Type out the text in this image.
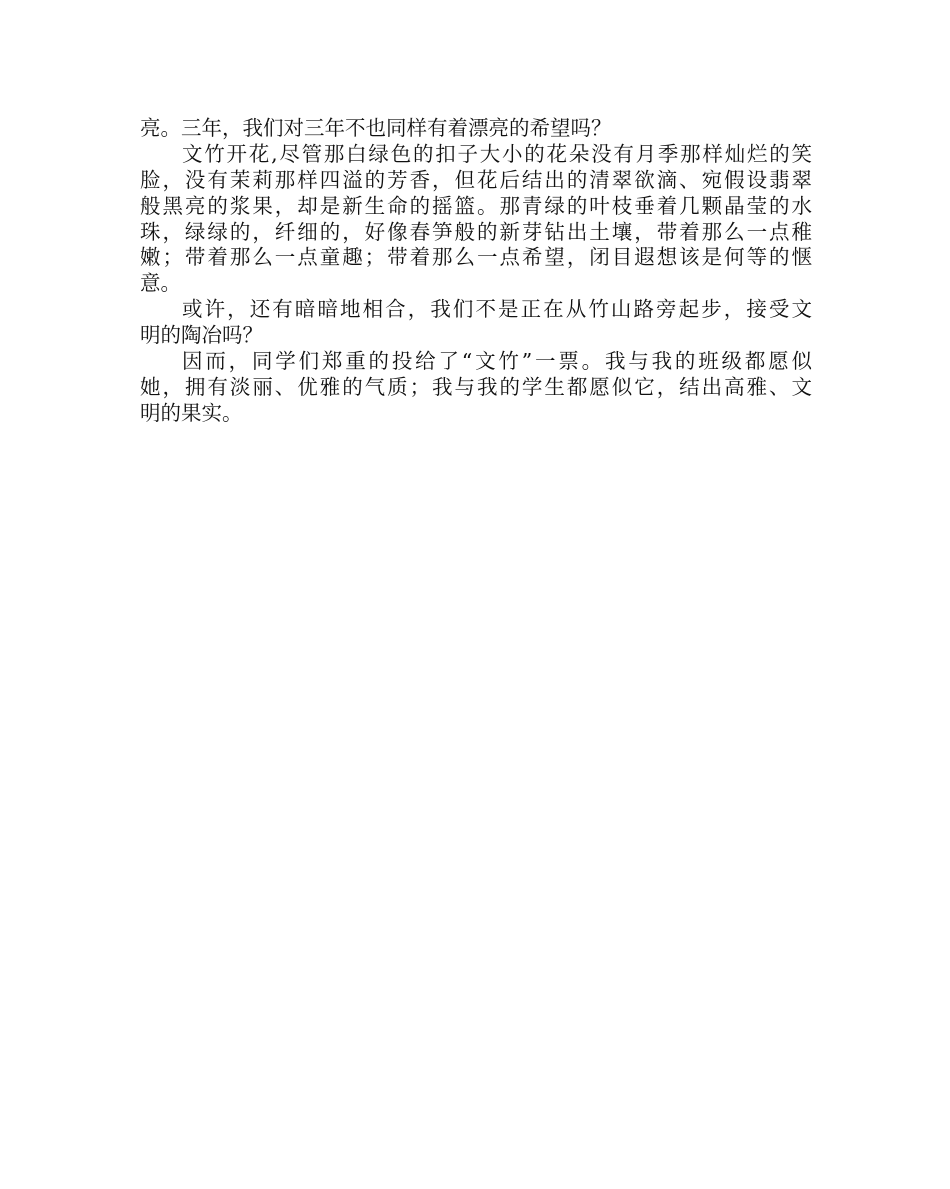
亮。三年，我们对三年不也同样有着漂亮的希望吗？
文竹开花,尽管那白绿色的扣子大小的花朵没有月季那样灿烂的笑
脸，没有茉莉那样四溢的芳香，但花后结出的清翠欲滴、宛假设翡翠
般黑亮的浆果，却是新生命的摇篮。那青绿的叶枝垂着几颗晶莹的水
珠，绿绿的，纤细的，好像春笋般的新芽钻出土壤，带着那么一点稚
嫩；带着那么一点童趣；带着那么一点希望，闭目遐想该是何等的惬
意。
或许，还有暗暗地相合，我们不是正在从竹山路旁起步，接受文
明的陶冶吗？
因而，同学们郑重的投给了“文竹”一票。我与我的班级都愿似
她，拥有淡丽、优雅的气质；我与我的学生都愿似它，结出高雅、文
明的果实。
